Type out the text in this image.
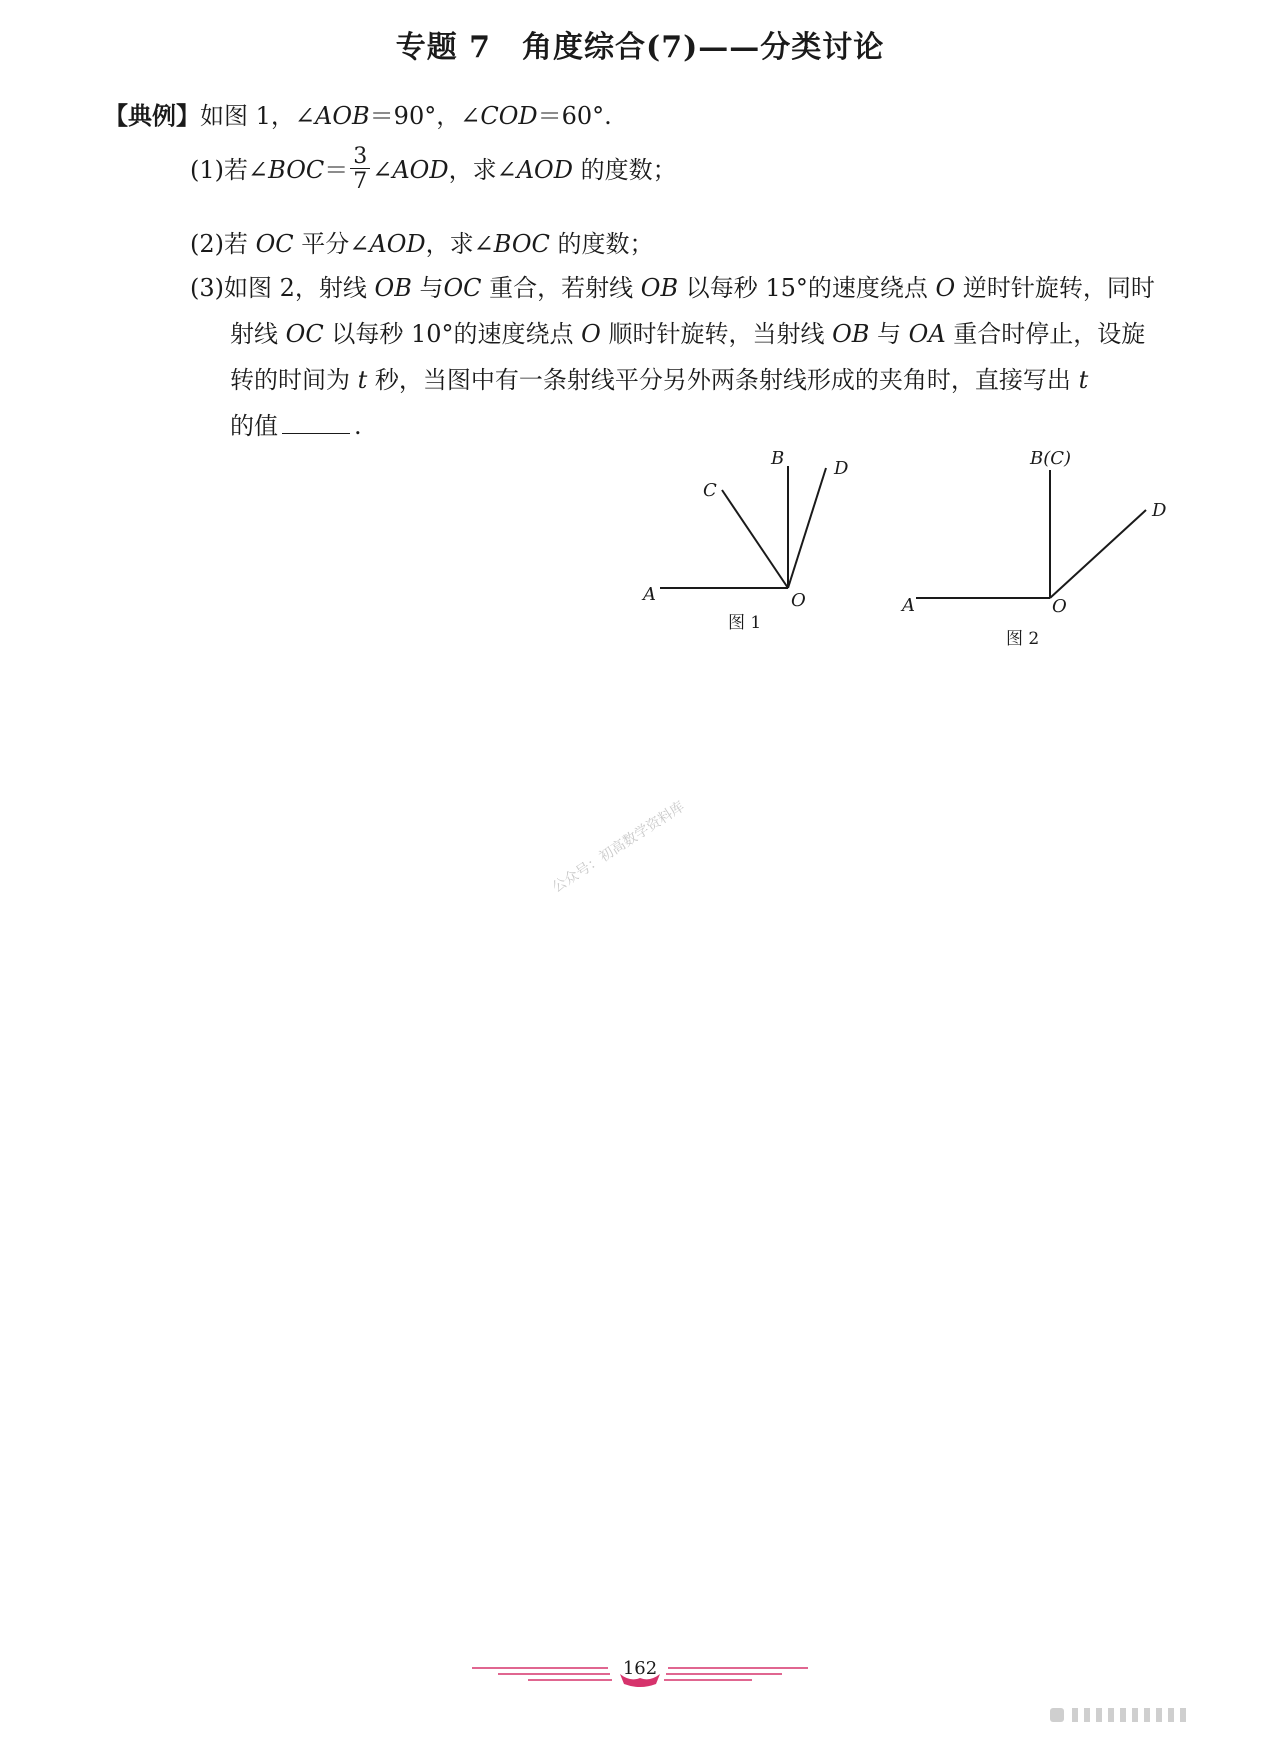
专题 7　角度综合(7)——分类讨论
【典例】如图 1，∠AOB＝90°，∠COD＝60°.
(1)若∠BOC＝ $\frac{3}{7}$ ∠AOD，求∠AOD 的度数；
(2)若 OC 平分∠AOD，求∠BOC 的度数；
(3)如图 2，射线 OB 与OC 重合，若射线 OB 以每秒 15°的速度绕点 O 逆时针旋转，同时
射线 OC 以每秒 10°的速度绕点 O 顺时针旋转，当射线 OB 与 OA 重合时停止，设旋
转的时间为 t 秒，当图中有一条射线平分另外两条射线形成的夹角时，直接写出 t
的值	.
A
B
C
D
O	A
B(C)
D
O
图 1
图 2
公众号：初高数学资料库
162
